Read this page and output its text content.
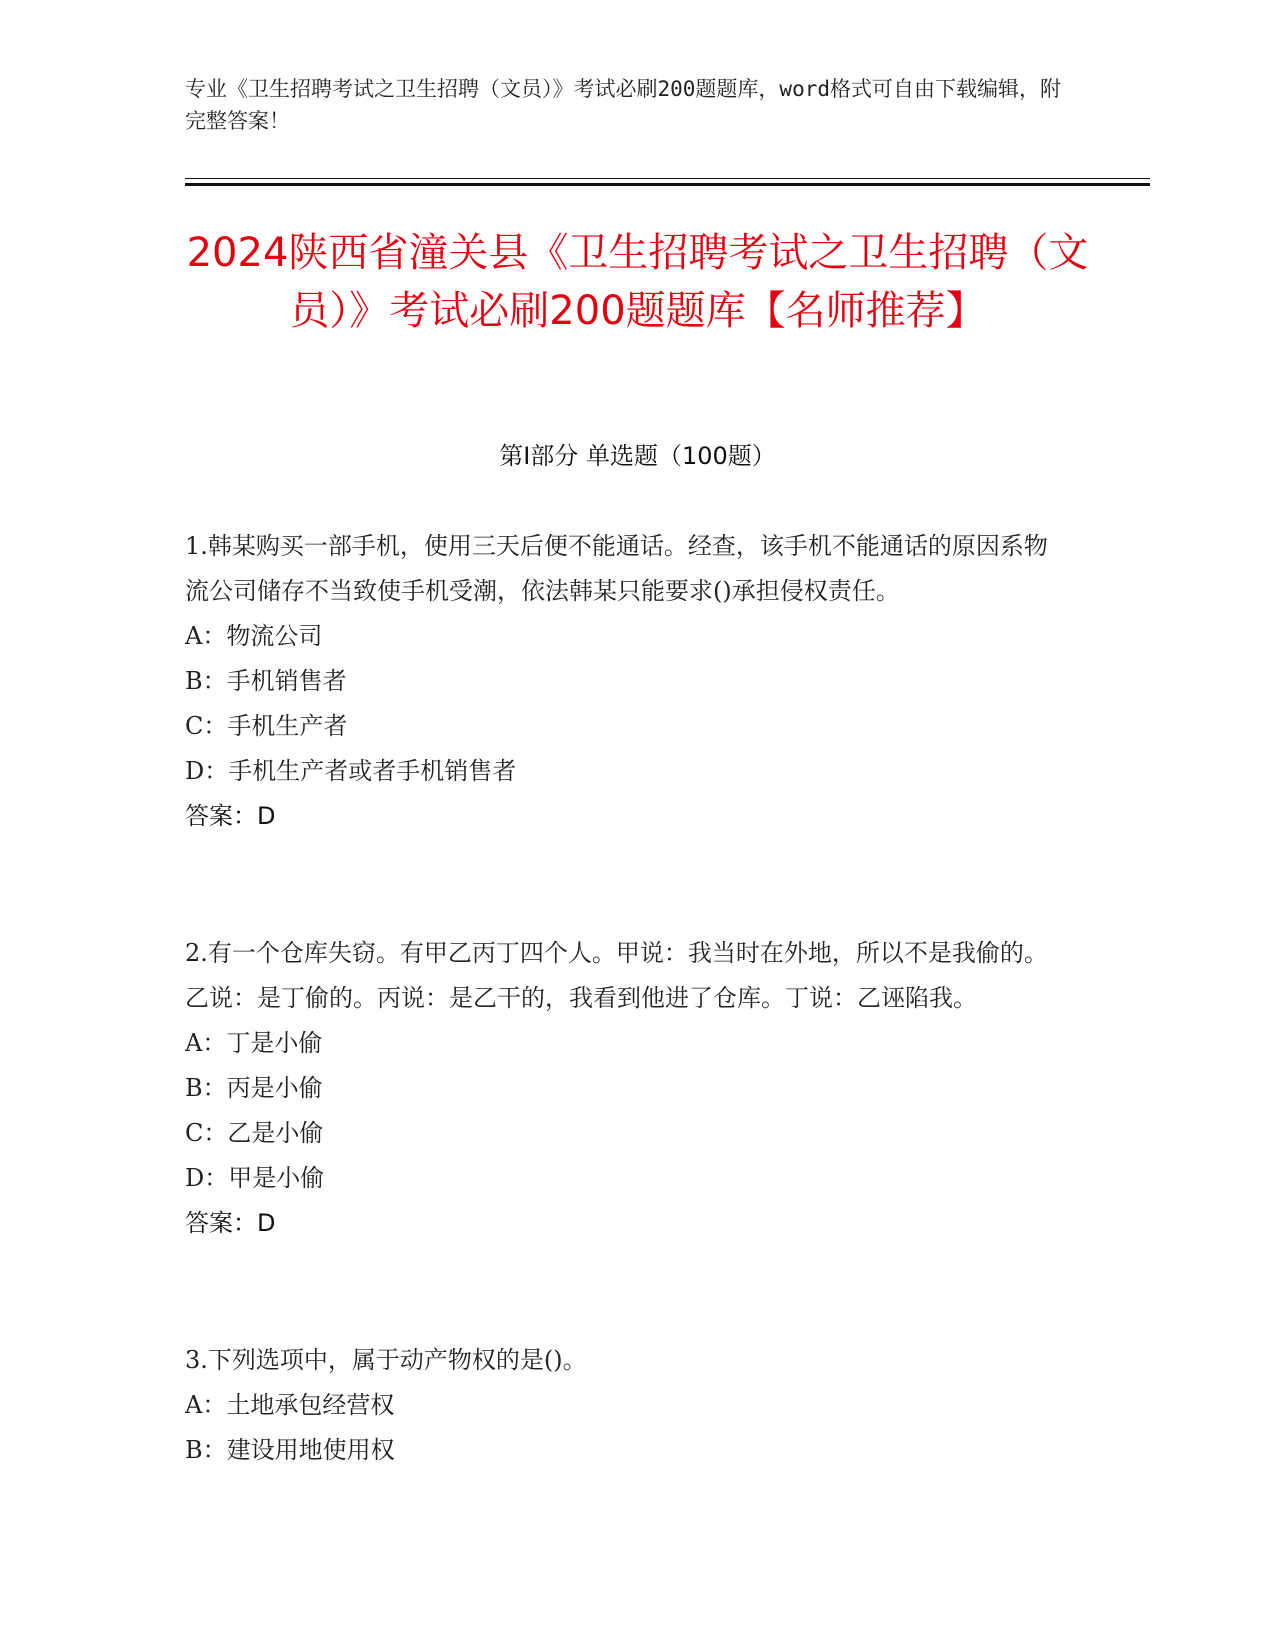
专业《卫生招聘考试之卫生招聘（文员）》考试必刷200题题库，word格式可自由下载编辑，附完整答案！
2024陕西省潼关县《卫生招聘考试之卫生招聘（文员）》考试必刷200题题库【名师推荐】
第Ⅰ部分 单选题（100题）
1.韩某购买一部手机，使用三天后便不能通话。经查，该手机不能通话的原因系物流公司储存不当致使手机受潮，依法韩某只能要求()承担侵权责任。
A：物流公司
B：手机销售者
C：手机生产者
D：手机生产者或者手机销售者
答案：D
2.有一个仓库失窃。有甲乙丙丁四个人。甲说：我当时在外地，所以不是我偷的。乙说：是丁偷的。丙说：是乙干的，我看到他进了仓库。丁说：乙诬陷我。
A：丁是小偷
B：丙是小偷
C：乙是小偷
D：甲是小偷
答案：D
3.下列选项中，属于动产物权的是()。
A：土地承包经营权
B：建设用地使用权
